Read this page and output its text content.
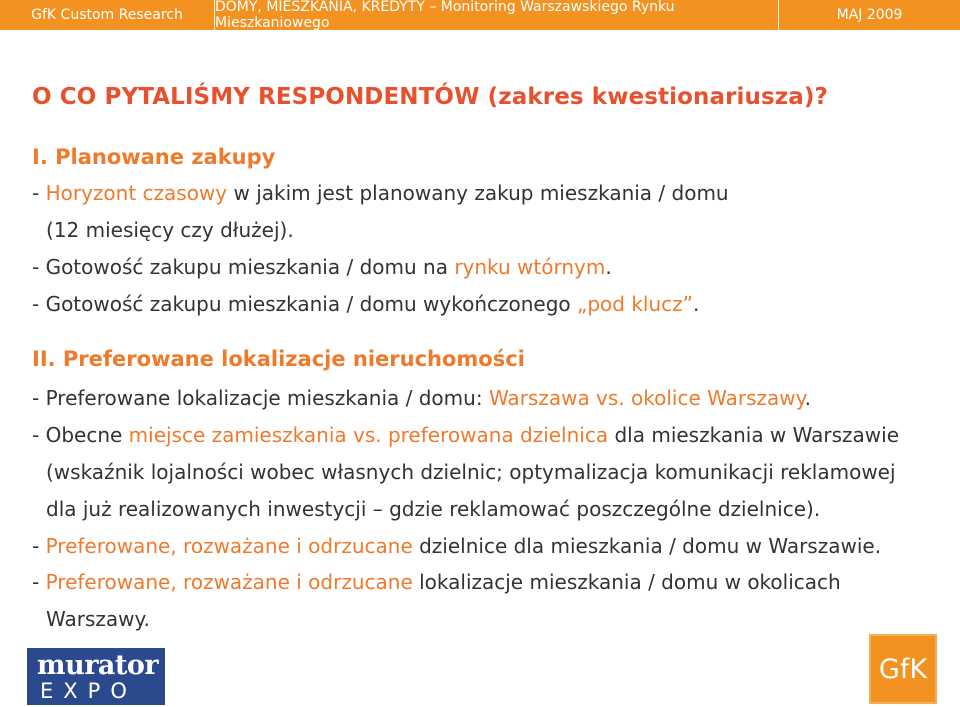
GfK Custom Research	DOMY, MIESZKANIA, KREDYTY – Monitoring Warszawskiego Rynku Mieszkaniowego	MAJ 2009
O CO PYTALIŚMY RESPONDENTÓW (zakres kwestionariusza)?
I. Planowane zakupy
- Horyzont czasowy w jakim jest planowany zakup mieszkania / domu
(12 miesięcy czy dłużej).
- Gotowość zakupu mieszkania / domu na rynku wtórnym.
- Gotowość zakupu mieszkania / domu wykończonego „pod klucz”.
II. Preferowane lokalizacje nieruchomości
- Preferowane lokalizacje mieszkania / domu: Warszawa vs. okolice Warszawy.
- Obecne miejsce zamieszkania vs. preferowana dzielnica dla mieszkania w Warszawie
(wskaźnik lojalności wobec własnych dzielnic; optymalizacja komunikacji reklamowej
dla już realizowanych inwestycji – gdzie reklamować poszczególne dzielnice).
- Preferowane, rozważane i odrzucane dzielnice dla mieszkania / domu w Warszawie.
- Preferowane, rozważane i odrzucane lokalizacje mieszkania / domu w okolicach
Warszawy.
murator
EXPO
GfK
